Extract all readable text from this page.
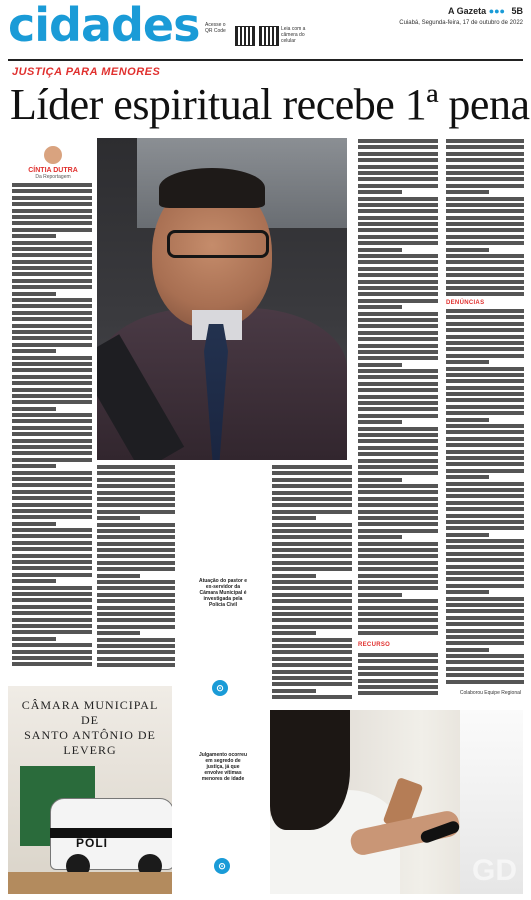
cidades Acesse o QR Code	Leia com a câmera do celular
A Gazeta ●●● 5B
Cuiabá, Segunda-feira, 17 de outubro de 2022
JUSTIÇA PARA MENORES
Líder espiritual recebe 1ª pena
CÍNTIA DUTRA
Da Reportagem
DENÚNCIAS
RECURSO
Atuação do pastor e ex-servidor da Câmara Municipal é investigada pela Polícia Civil
⊙
CÂMARA MUNICIPAL
DE
SANTO ANTÔNIO DE LEVERG
POLÍ
Julgamento ocorreu em segredo de justiça, já que envolve vítimas menores de idade
⊙	GD
Colaborou Equipe Regional
